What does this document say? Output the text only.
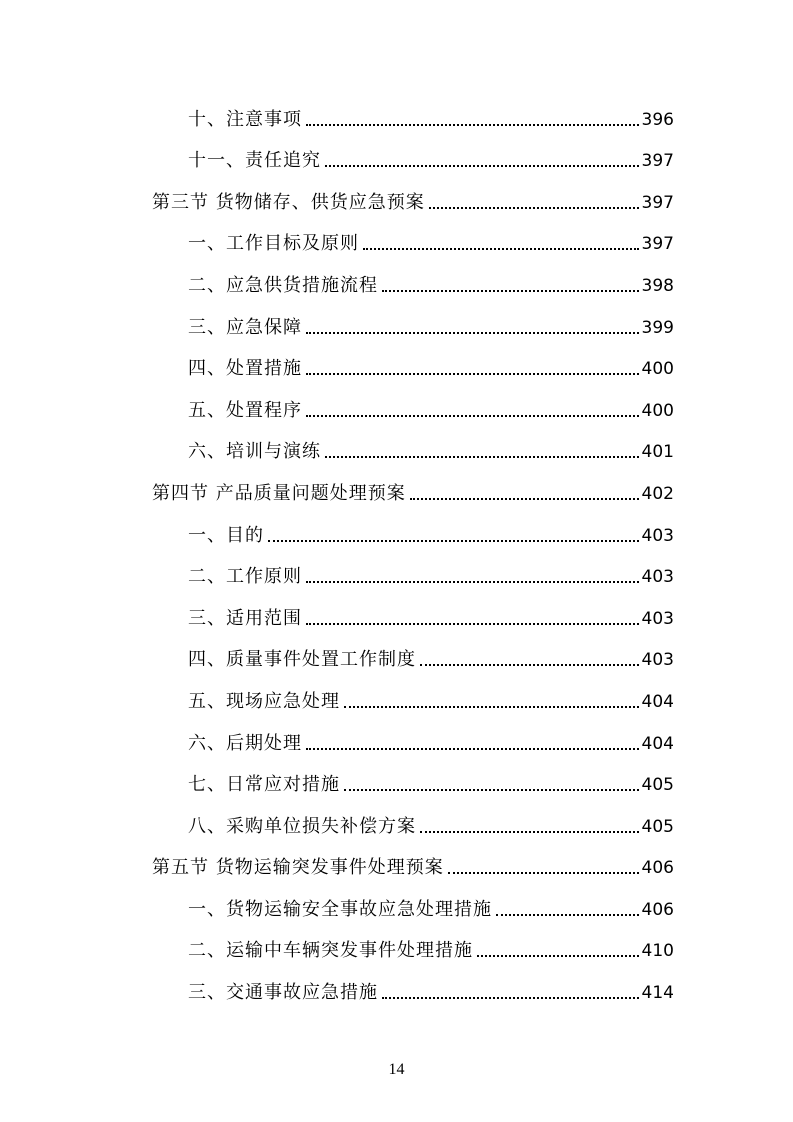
十、注意事项	396
十一、责任追究	397
第三节 货物储存、供货应急预案	397
一、工作目标及原则	397
二、应急供货措施流程	398
三、应急保障	399
四、处置措施	400
五、处置程序	400
六、培训与演练	401
第四节 产品质量问题处理预案	402
一、目的	403
二、工作原则	403
三、适用范围	403
四、质量事件处置工作制度	403
五、现场应急处理	404
六、后期处理	404
七、日常应对措施	405
八、采购单位损失补偿方案	405
第五节 货物运输突发事件处理预案	406
一、货物运输安全事故应急处理措施	406
二、运输中车辆突发事件处理措施	410
三、交通事故应急措施	414
14
